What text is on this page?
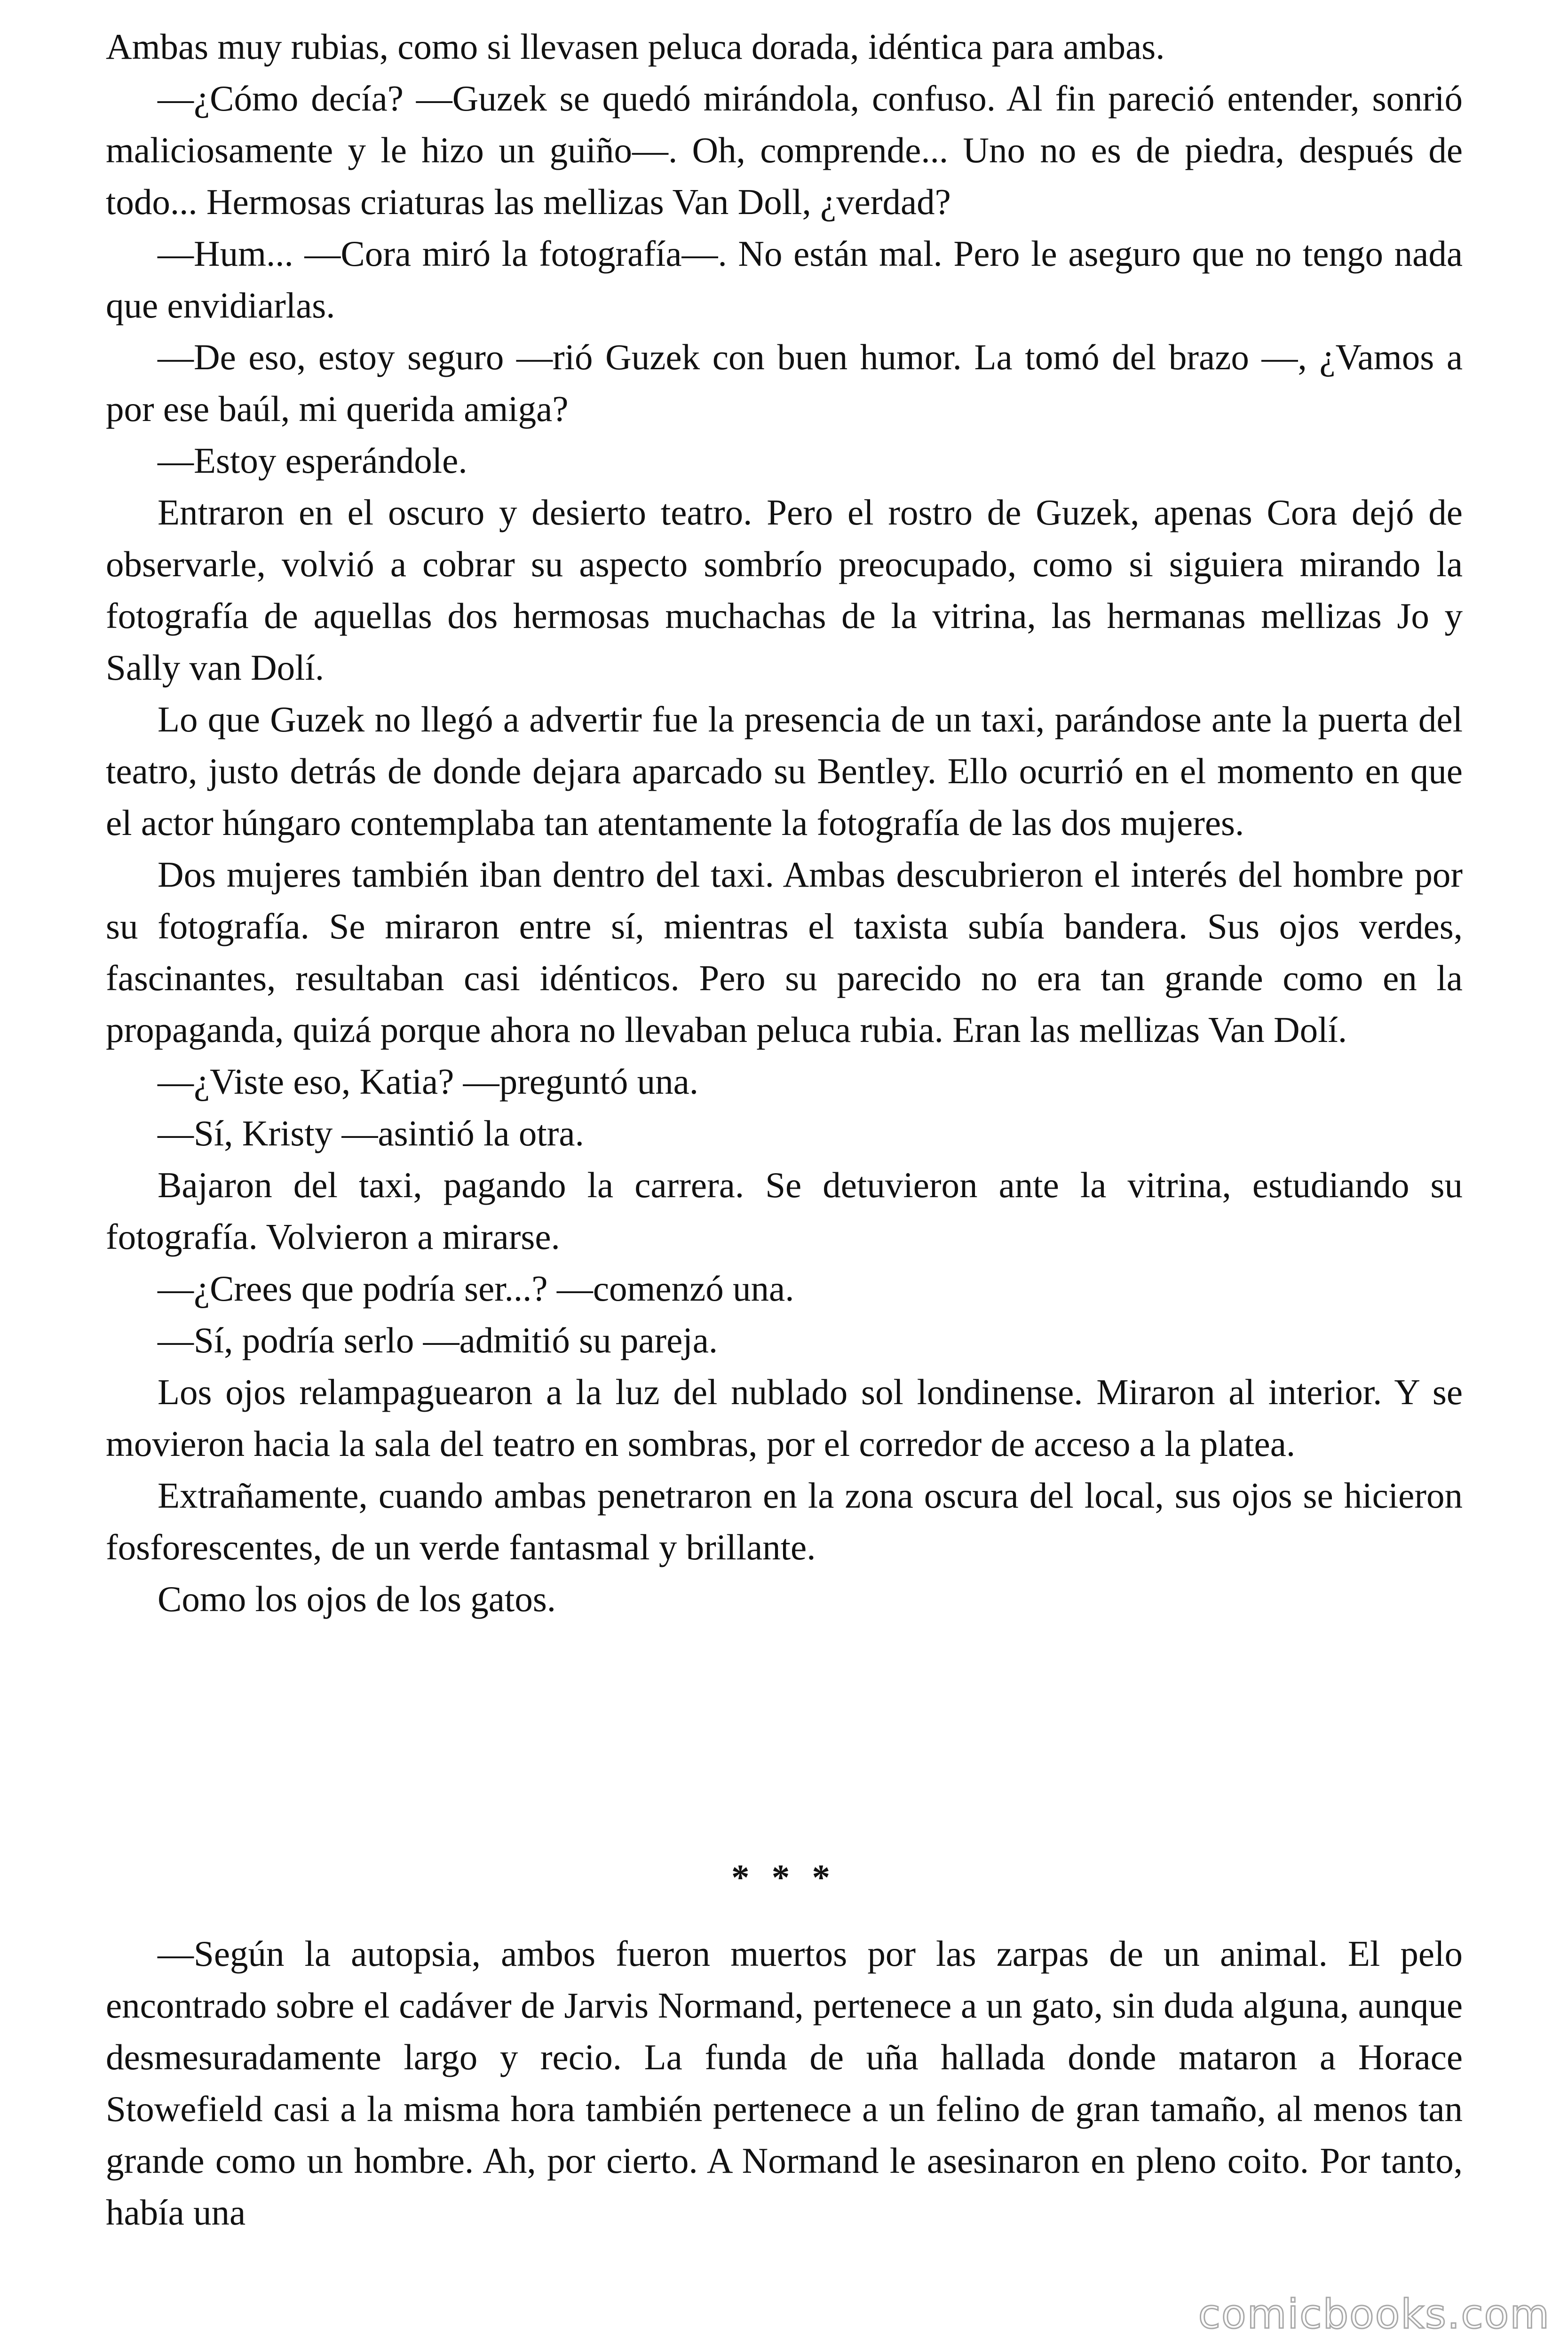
Ambas muy rubias, como si llevasen peluca dorada, idéntica para ambas.

—¿Cómo decía? —Guzek se quedó mirándola, confuso. Al fin pareció entender, sonrió maliciosamente y le hizo un guiño—. Oh, comprende... Uno no es de piedra, después de todo... Hermosas criaturas las mellizas Van Doll, ¿verdad?

—Hum... —Cora miró la fotografía—. No están mal. Pero le aseguro que no tengo nada que envidiarlas.

—De eso, estoy seguro —rió Guzek con buen humor. La tomó del brazo —, ¿Vamos a por ese baúl, mi querida amiga?

—Estoy esperándole.

Entraron en el oscuro y desierto teatro. Pero el rostro de Guzek, apenas Cora dejó de observarle, volvió a cobrar su aspecto sombrío preocupado, como si siguiera mirando la fotografía de aquellas dos hermosas muchachas de la vitrina, las hermanas mellizas Jo y Sally van Dolí.

Lo que Guzek no llegó a advertir fue la presencia de un taxi, parándose ante la puerta del teatro, justo detrás de donde dejara aparcado su Bentley. Ello ocurrió en el momento en que el actor húngaro contemplaba tan atentamente la fotografía de las dos mujeres.

Dos mujeres también iban dentro del taxi. Ambas descubrieron el interés del hombre por su fotografía. Se miraron entre sí, mientras el taxista subía bandera. Sus ojos verdes, fascinantes, resultaban casi idénticos. Pero su parecido no era tan grande como en la propaganda, quizá porque ahora no llevaban peluca rubia. Eran las mellizas Van Dolí.

—¿Viste eso, Katia? —preguntó una.

—Sí, Kristy —asintió la otra.

Bajaron del taxi, pagando la carrera. Se detuvieron ante la vitrina, estudiando su fotografía. Volvieron a mirarse.

—¿Crees que podría ser...? —comenzó una.

—Sí, podría serlo —admitió su pareja.

Los ojos relampaguearon a la luz del nublado sol londinense. Miraron al interior. Y se movieron hacia la sala del teatro en sombras, por el corredor de acceso a la platea.

Extrañamente, cuando ambas penetraron en la zona oscura del local, sus ojos se hicieron fosforescentes, de un verde fantasmal y brillante.

Como los ojos de los gatos.

* * *

—Según la autopsia, ambos fueron muertos por las zarpas de un animal. El pelo encontrado sobre el cadáver de Jarvis Normand, pertenece a un gato, sin duda alguna, aunque desmesuradamente largo y recio. La funda de uña hallada donde mataron a Horace Stowefield casi a la misma hora también pertenece a un felino de gran tamaño, al menos tan grande como un hombre. Ah, por cierto. A Normand le asesinaron en pleno coito. Por tanto, había una

comicbooks.com
